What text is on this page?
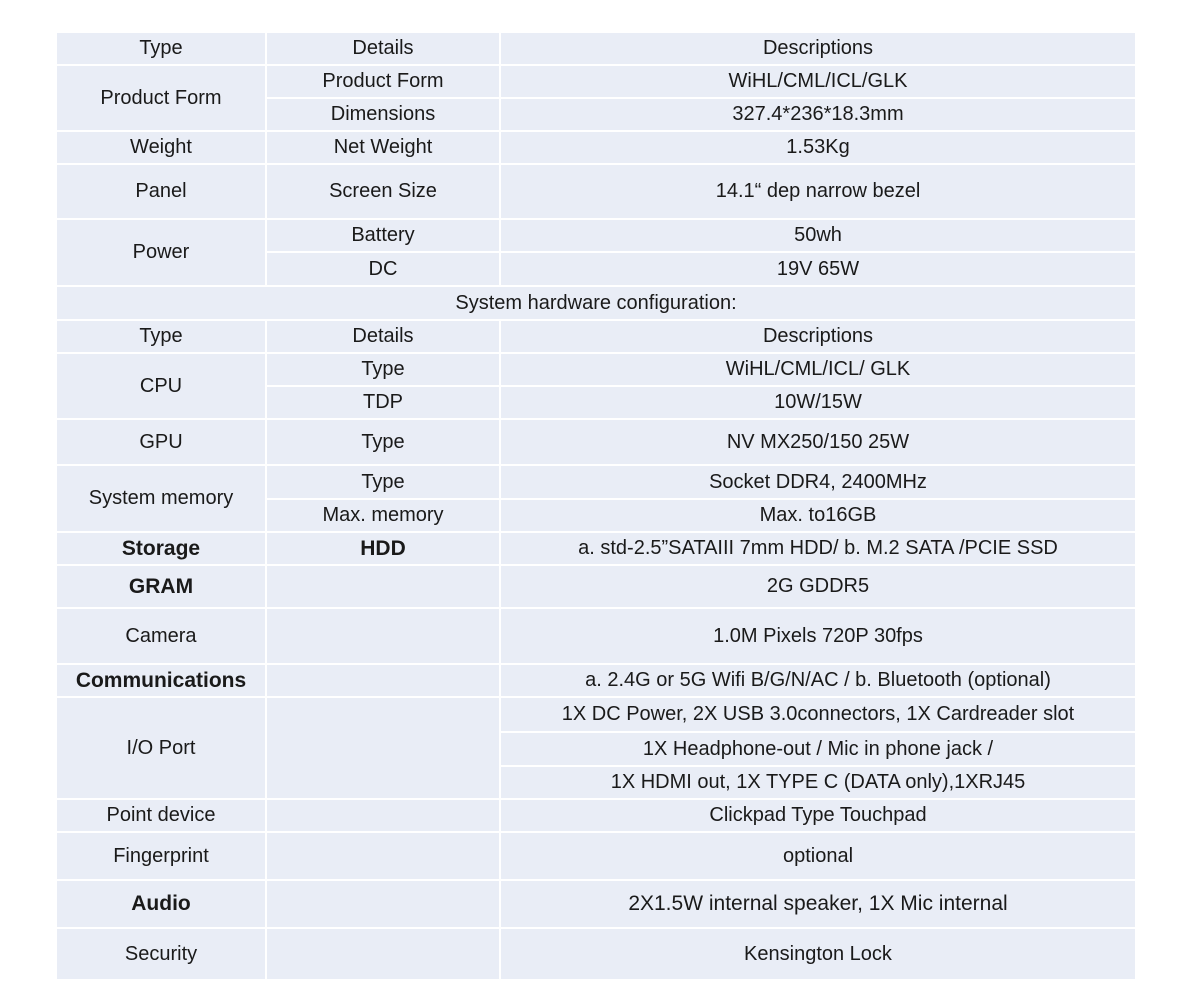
Type	Details	Descriptions
Product Form	Product Form	WiHL/CML/ICL/GLK
	Dimensions	327.4*236*18.3mm
Weight	Net Weight	1.53Kg
Panel	Screen Size	14.1“ dep narrow bezel
Power	Battery	50wh
	DC	19V 65W
System hardware configuration:		
Type	Details	Descriptions
CPU	Type	WiHL/CML/ICL/ GLK
	TDP	10W/15W
GPU	Type	NV MX250/150 25W
System memory	Type	Socket DDR4, 2400MHz
	Max. memory	Max. to16GB
Storage	HDD	a. std-2.5”SATAIII 7mm HDD/ b. M.2 SATA /PCIE SSD
GRAM		2G GDDR5
Camera		1.0M Pixels 720P 30fps
Communications		a. 2.4G or 5G Wifi B/G/N/AC / b. Bluetooth (optional)
I/O Port		1X DC Power, 2X USB 3.0connectors, 1X Cardreader slot
		1X Headphone-out / Mic in phone jack /
		1X HDMI out, 1X TYPE C (DATA only),1XRJ45
Point device		Clickpad Type Touchpad
Fingerprint		optional
Audio		2X1.5W internal speaker, 1X Mic internal
Security		Kensington Lock
